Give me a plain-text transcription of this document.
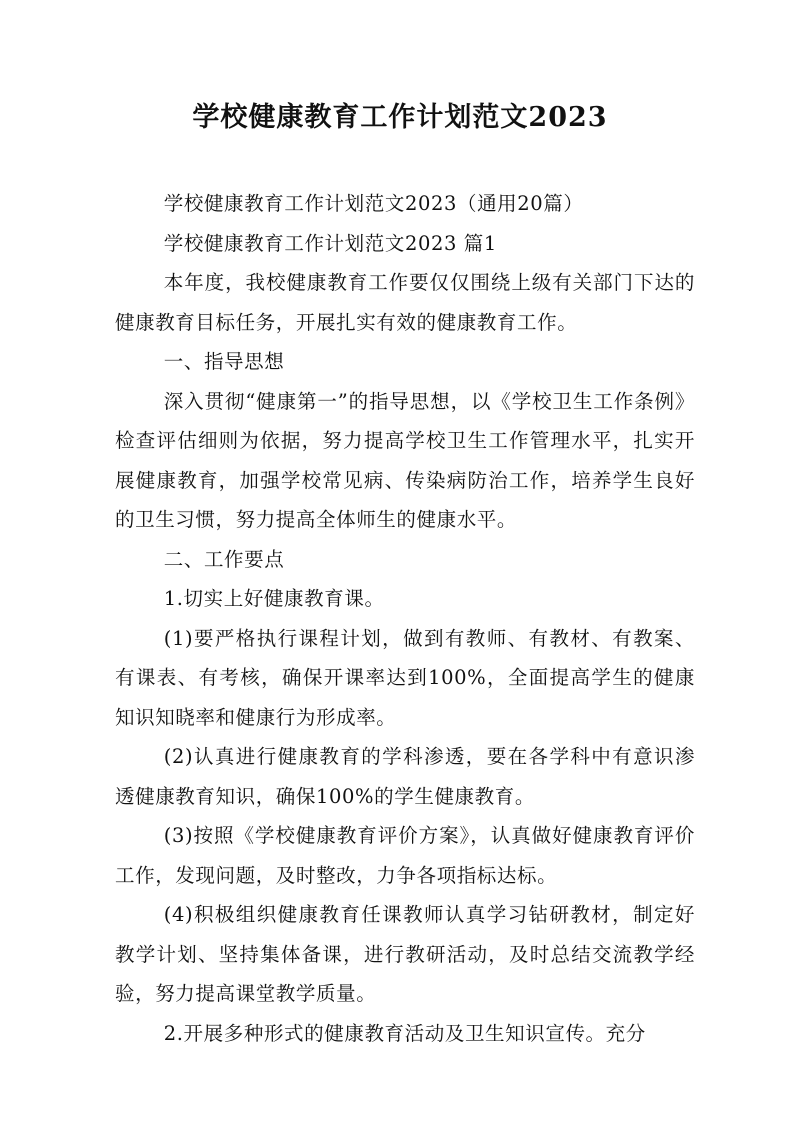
学校健康教育工作计划范文2023

学校健康教育工作计划范文2023（通用20篇）

学校健康教育工作计划范文2023 篇1

本年度，我校健康教育工作要仅仅围绕上级有关部门下达的健康教育目标任务，开展扎实有效的健康教育工作。

一、指导思想

深入贯彻“健康第一”的指导思想，以《学校卫生工作条例》检查评估细则为依据，努力提高学校卫生工作管理水平，扎实开展健康教育，加强学校常见病、传染病防治工作，培养学生良好的卫生习惯，努力提高全体师生的健康水平。

二、工作要点

1.切实上好健康教育课。

(1)要严格执行课程计划，做到有教师、有教材、有教案、有课表、有考核，确保开课率达到100%，全面提高学生的健康知识知晓率和健康行为形成率。

(2)认真进行健康教育的学科渗透，要在各学科中有意识渗透健康教育知识，确保100%的学生健康教育。

(3)按照《学校健康教育评价方案》，认真做好健康教育评价工作，发现问题，及时整改，力争各项指标达标。

(4)积极组织健康教育任课教师认真学习钻研教材，制定好教学计划、坚持集体备课，进行教研活动，及时总结交流教学经验，努力提高课堂教学质量。

2.开展多种形式的健康教育活动及卫生知识宣传。充分
